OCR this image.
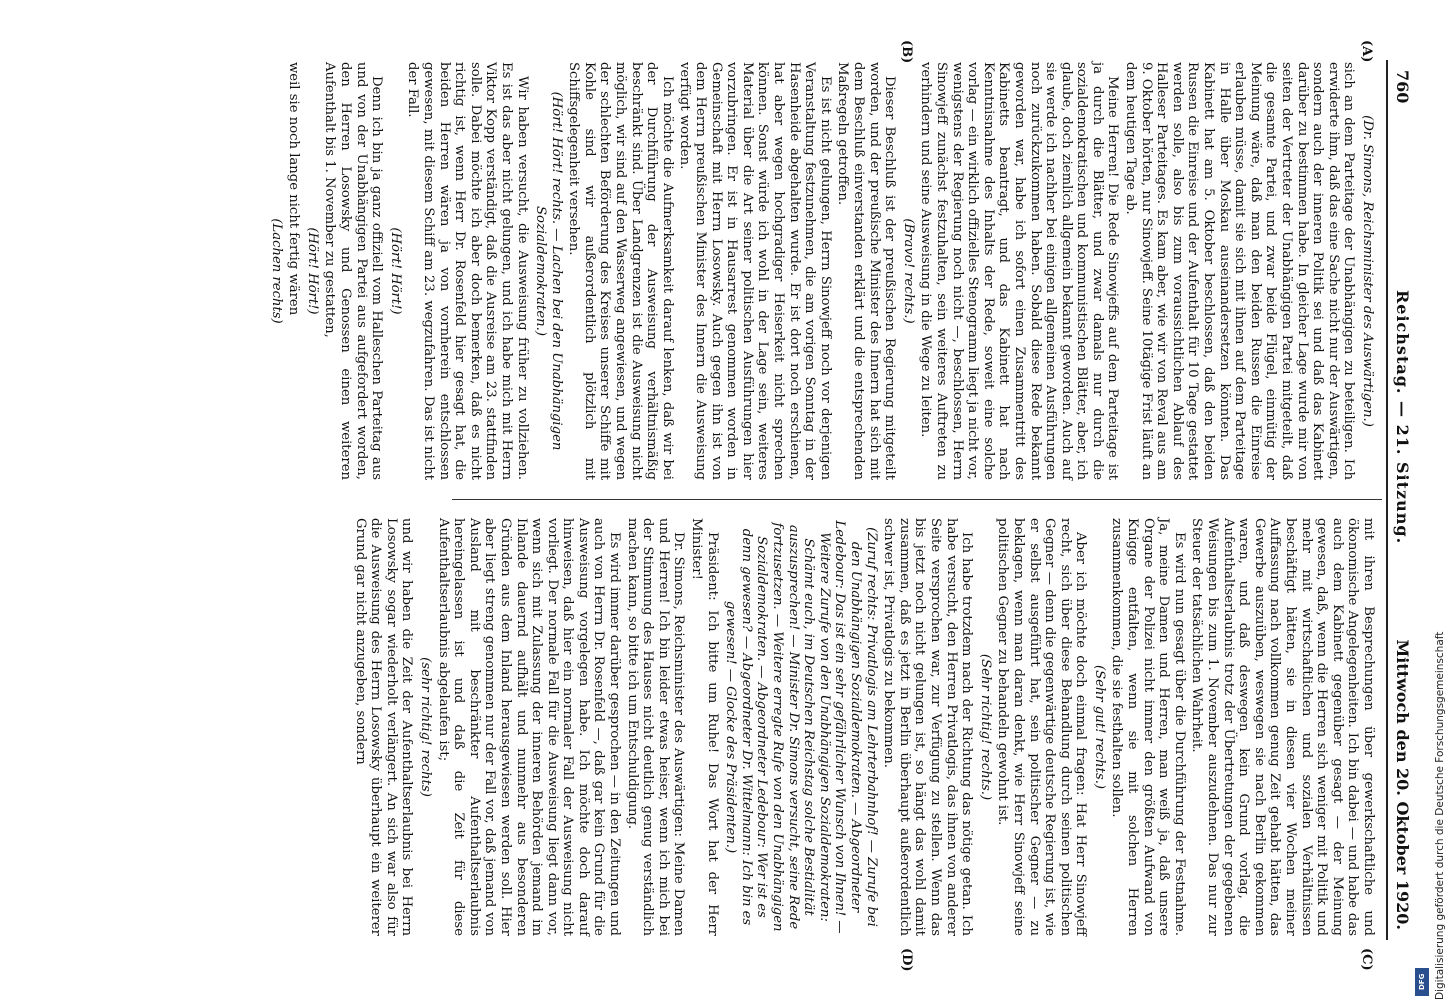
760
Reichstag. — 21. Sitzung.
Mittwoch den 20. Oktober 1920.
(A)
(B)
(C)
(D)

(Dr. Simons, Reichsminister des Auswärtigen.)

sich an dem Parteitage der Unabhängigen zu beteiligen. Ich erwiderte ihm, daß das eine Sache nicht nur der Auswärtigen, sondern auch der inneren Politik sei und daß das Kabinett darüber zu bestimmen habe. In gleicher Lage wurde mir von seiten der Vertreter der Unabhängigen Partei mitgeteilt, daß die gesamte Partei, und zwar beide Flügel, einmütig der Meinung wäre, daß man den beiden Russen die Einreise erlauben müsse, damit sie sich mit ihnen auf dem Parteitage in Halle über Moskau auseinandersetzen könnten. Das Kabinett hat am 5. Oktober beschlossen, daß den beiden Russen die Einreise und der Aufenthalt für 10 Tage gestattet werden solle, also bis zum voraussichtlichen Ablauf des Halleser Parteitages. Es kam aber, wie wir von Reval aus am 9. Oktober hörten, nur Sinowjeff. Seine 10tägige Frist läuft an dem heutigen Tage ab.

Meine Herren! Die Rede Sinowjeffs auf dem Parteitage ist ja durch die Blätter, und zwar damals nur durch die sozialdemokratischen und kommunistischen Blätter, aber, ich glaube, doch ziemlich allgemein bekannt geworden. Auch auf sie werde ich nachher bei einigen allgemeinen Ausführungen noch zurückzukommen haben. Sobald diese Rede bekannt geworden war, habe ich sofort einen Zusammentritt des Kabinetts beantragt, und das Kabinett hat nach Kenntnisnahme des Inhalts der Rede, soweit eine solche vorlag — ein wirklich offizielles Stenogramm liegt ja nicht vor, wenigstens der Regierung noch nicht —, beschlossen, Herrn Sinowjeff zunächst festzuhalten, sein weiteres Auftreten zu verhindern und seine Ausweisung in die Wege zu leiten.

(Bravo! rechts.)

Dieser Beschluß ist der preußischen Regierung mitgeteilt worden, und der preußische Minister des Innern hat sich mit dem Beschluß einverstanden erklärt und die entsprechenden Maßregeln getroffen.

Es ist nicht gelungen, Herrn Sinowjeff noch vor derjenigen Veranstaltung festzunehmen, die am vorigen Sonntag in der Hasenheide abgehalten wurde. Er ist dort noch erschienen, hat aber wegen hochgradiger Heiserkeit nicht sprechen können. Sonst würde ich wohl in der Lage sein, weiteres Material über die Art seiner politischen Ausführungen hier vorzubringen. Er ist in Hausarrest genommen worden in Gemeinschaft mit Herrn Losowsky. Auch gegen ihn ist von dem Herrn preußischen Minister des Innern die Ausweisung verfügt worden.

Ich möchte die Aufmerksamkeit darauf lenken, daß wir bei der Durchführung der Ausweisung verhältnismäßig beschränkt sind. Über Landgrenzen ist die Ausweisung nicht möglich, wir sind auf den Wasserweg angewiesen, und wegen der schlechten Beförderung des Kreises unserer Schiffe mit Kohle sind wir außerordentlich plötzlich mit Schiffsgelegenheit versehen.

(Hört! Hört! rechts. — Lachen bei den Unabhängigen Sozialdemokraten.)

Wir haben versucht, die Ausweisung früher zu vollziehen. Es ist das aber nicht gelungen, und ich habe mich mit Herrn Viktor Kopp verständigt, daß die Ausreise am 23. stattfinden solle. Dabei möchte ich aber doch bemerken, daß es nicht richtig ist, wenn Herr Dr. Rosenfeld hier gesagt hat, die beiden Herren wären ja von vornherein entschlossen gewesen, mit diesem Schiff am 23. wegzufahren. Das ist nicht der Fall.

(Hört! Hört!)

Denn ich bin ja ganz offiziell vom Halleschen Parteitag aus und von der Unabhängigen Partei aus aufgefordert worden, den Herren Losowsky und Genossen einen weiteren Aufenthalt bis 1. November zu gestatten,

(Hört! Hört!)

weil sie noch lange nicht fertig wären

(Lachen rechts)

mit ihren Besprechungen über gewerkschaftliche und ökonomische Angelegenheiten. Ich bin dabei — und habe das auch dem Kabinett gegenüber gesagt — der Meinung gewesen, daß, wenn die Herren sich weniger mit Politik und mehr mit wirtschaftlichen und sozialen Verhältnissen beschäftigt hätten, sie in diesen vier Wochen meiner Auffassung nach vollkommen genug Zeit gehabt hätten, das Gewerbe auszuüben, weswegen sie nach Berlin gekommen waren, und daß deswegen kein Grund vorlag, die Aufenthaltserlaubnis trotz der Übertretungen der gegebenen Weisungen bis zum 1. November auszudehnen. Das nur zur Steuer der tatsächlichen Wahrheit.

Es wird nun gesagt über die Durchführung der Festnahme. Ja, meine Damen und Herren, man weiß ja, daß unsere Organe der Polizei nicht immer den größten Aufwand von Knigge entfalten, wenn sie mit solchen Herren zusammenkommen, die sie festhalten sollen.

(Sehr gut! rechts.)

Aber ich möchte doch einmal fragen: Hat Herr Sinowjeff recht, sich über diese Behandlung durch seinen politischen Gegner — denn die gegenwärtige deutsche Regierung ist, wie er selbst ausgeführt hat, sein politischer Gegner — zu beklagen, wenn man daran denkt, wie Herr Sinowjeff seine politischen Gegner zu behandeln gewohnt ist.

(Sehr richtig! rechts.)

Ich habe trotzdem nach der Richtung das nötige getan. Ich habe versucht, den Herren Privatlogis, das ihnen von anderer Seite versprochen war, zur Verfügung zu stellen. Wenn das bis jetzt noch nicht gelungen ist, so hängt das wohl damit zusammen, daß es jetzt in Berlin überhaupt außerordentlich schwer ist, Privatlogis zu bekommen.

(Zuruf rechts: Privatlogis am Lehrterbahnhof! — Zurufe bei den Unabhängigen Sozialdemokraten. — Abgeordneter Ledebour: Das ist ein sehr gefährlicher Wunsch von Ihnen! — Weitere Zurufe von den Unabhängigen Sozialdemokraten: Schämt euch, im Deutschen Reichstag solche Bestialität auszusprechen! — Minister Dr. Simons versucht, seine Rede fortzusetzen. — Weitere erregte Rufe von den Unabhängigen Sozialdemokraten. — Abgeordneter Ledebour: Wer ist es denn gewesen? — Abgeordneter Dr. Wittelmann: Ich bin es gewesen! — Glocke des Präsidenten.)

Präsident: Ich bitte um Ruhe! Das Wort hat der Herr Minister!

Dr. Simons, Reichsminister des Auswärtigen: Meine Damen und Herren! Ich bin leider etwas heiser, wenn ich mich bei der Stimmung des Hauses nicht deutlich genug verständlich machen kann, so bitte ich um Entschuldigung.

Es wird immer darüber gesprochen — in den Zeitungen und auch von Herrn Dr. Rosenfeld —, daß gar kein Grund für die Ausweisung vorgelegen habe. Ich möchte doch darauf hinweisen, daß hier ein normaler Fall der Ausweisung nicht vorliegt. Der normale Fall für die Ausweisung liegt dann vor, wenn sich mit Zulassung der inneren Behörden jemand im Inlande dauernd aufhält und nunmehr aus besonderen Gründen aus dem Inland herausgewiesen werden soll. Hier aber liegt streng genommen nur der Fall vor, daß jemand von Ausland mit beschränkter Aufenthaltserlaubnis hereingelassen ist und daß die Zeit für diese Aufenthaltserlaubnis abgelaufen ist;

(sehr richtig! rechts)

und wir haben die Zeit der Aufenthaltserlaubnis bei Herrn Losowsky sogar wiederholt verlängert. An sich war also für die Ausweisung des Herrn Losowsky überhaupt ein weiterer Grund gar nicht anzugeben, sondern	Digitalisierung gefördert durch die Deutsche Forschungsgemeinschaft
DFG
